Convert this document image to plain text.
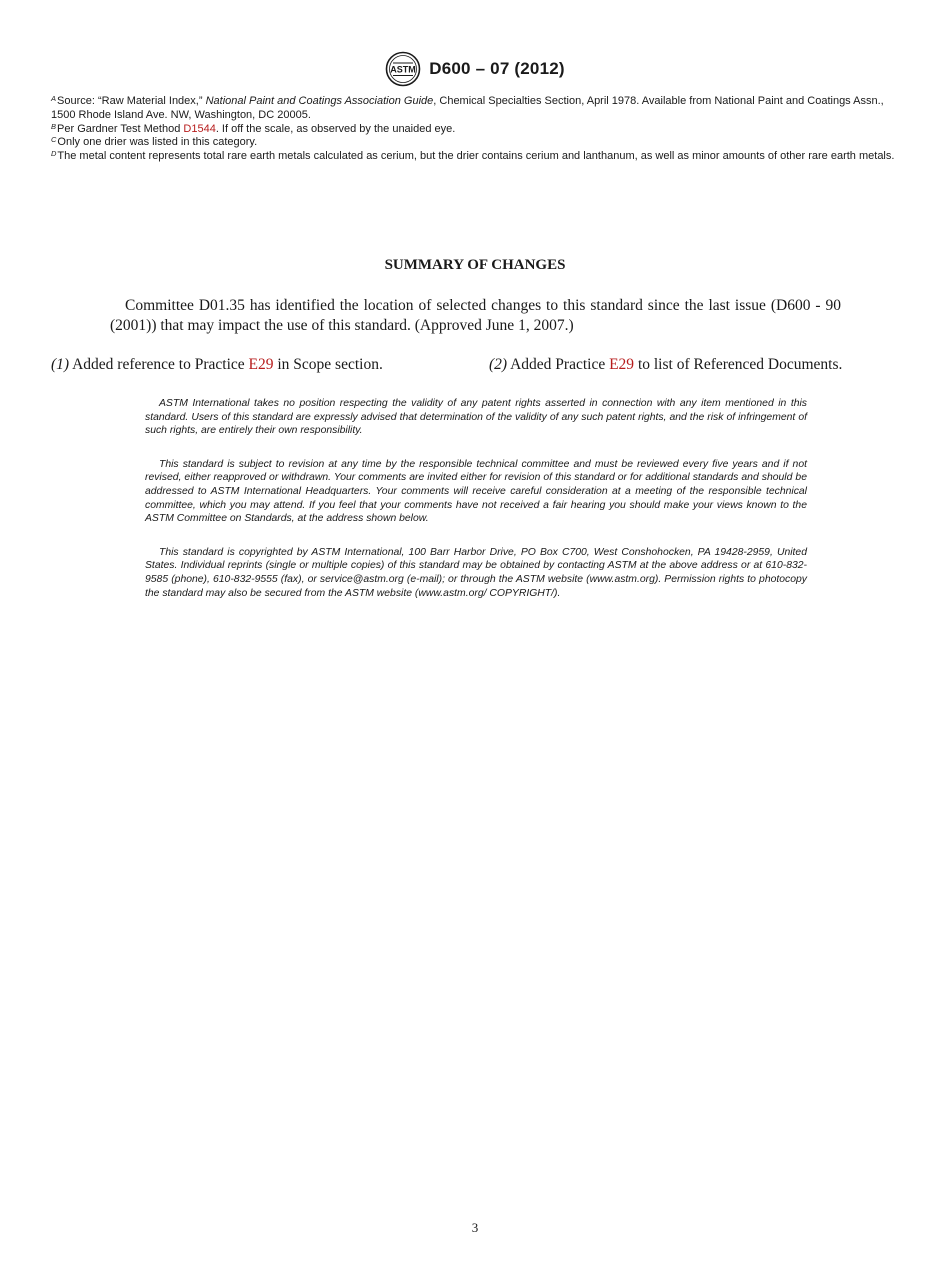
ASTM D600 – 07 (2012)

$^A$Source: “Raw Material Index,” National Paint and Coatings Association Guide, Chemical Specialties Section, April 1978. Available from National Paint and Coatings Assn., 1500 Rhode Island Ave. NW, Washington, DC 20005.

$^B$Per Gardner Test Method D1544. If off the scale, as observed by the unaided eye.

$^C$Only one drier was listed in this category.

$^D$The metal content represents total rare earth metals calculated as cerium, but the drier contains cerium and lanthanum, as well as minor amounts of other rare earth metals.

SUMMARY OF CHANGES

Committee D01.35 has identified the location of selected changes to this standard since the last issue (D600 - 90 (2001)) that may impact the use of this standard. (Approved June 1, 2007.)

(1) Added reference to Practice E29 in Scope section.	(2) Added Practice E29 to list of Referenced Documents.

ASTM International takes no position respecting the validity of any patent rights asserted in connection with any item mentioned in this standard. Users of this standard are expressly advised that determination of the validity of any such patent rights, and the risk of infringement of such rights, are entirely their own responsibility.

This standard is subject to revision at any time by the responsible technical committee and must be reviewed every five years and if not revised, either reapproved or withdrawn. Your comments are invited either for revision of this standard or for additional standards and should be addressed to ASTM International Headquarters. Your comments will receive careful consideration at a meeting of the responsible technical committee, which you may attend. If you feel that your comments have not received a fair hearing you should make your views known to the ASTM Committee on Standards, at the address shown below.

This standard is copyrighted by ASTM International, 100 Barr Harbor Drive, PO Box C700, West Conshohocken, PA 19428-2959, United States. Individual reprints (single or multiple copies) of this standard may be obtained by contacting ASTM at the above address or at 610-832-9585 (phone), 610-832-9555 (fax), or service@astm.org (e-mail); or through the ASTM website (www.astm.org). Permission rights to photocopy the standard may also be secured from the ASTM website (www.astm.org/ COPYRIGHT/).

3
